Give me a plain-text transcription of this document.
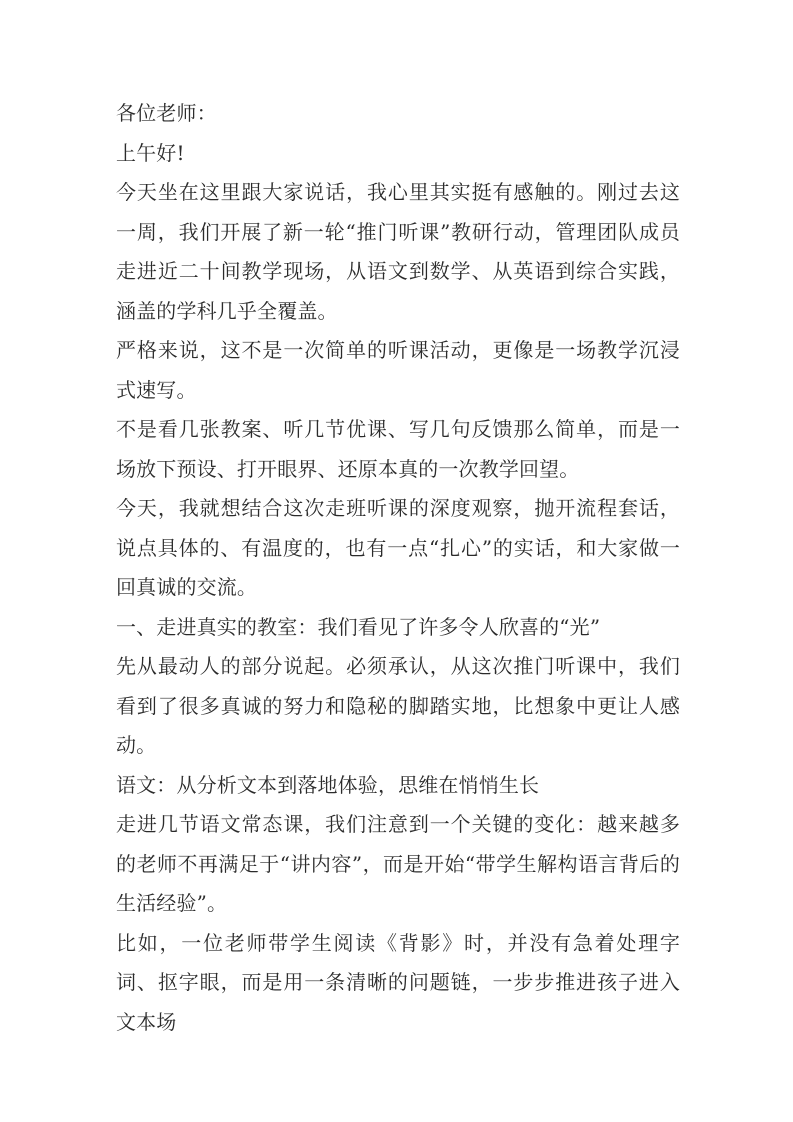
各位老师：

上午好!

今天坐在这里跟大家说话，我心里其实挺有感触的。刚过去这一周，我们开展了新一轮“推门听课”教研行动，管理团队成员走进近二十间教学现场，从语文到数学、从英语到综合实践，涵盖的学科几乎全覆盖。

严格来说，这不是一次简单的听课活动，更像是一场教学沉浸式速写。

不是看几张教案、听几节优课、写几句反馈那么简单，而是一场放下预设、打开眼界、还原本真的一次教学回望。

今天，我就想结合这次走班听课的深度观察，抛开流程套话，说点具体的、有温度的，也有一点“扎心”的实话，和大家做一回真诚的交流。

一、走进真实的教室：我们看见了许多令人欣喜的“光”

先从最动人的部分说起。必须承认，从这次推门听课中，我们看到了很多真诚的努力和隐秘的脚踏实地，比想象中更让人感动。

语文：从分析文本到落地体验，思维在悄悄生长

走进几节语文常态课，我们注意到一个关键的变化：越来越多的老师不再满足于“讲内容”，而是开始“带学生解构语言背后的生活经验”。

比如，一位老师带学生阅读《背影》时，并没有急着处理字词、抠字眼，而是用一条清晰的问题链，一步步推进孩子进入文本场
